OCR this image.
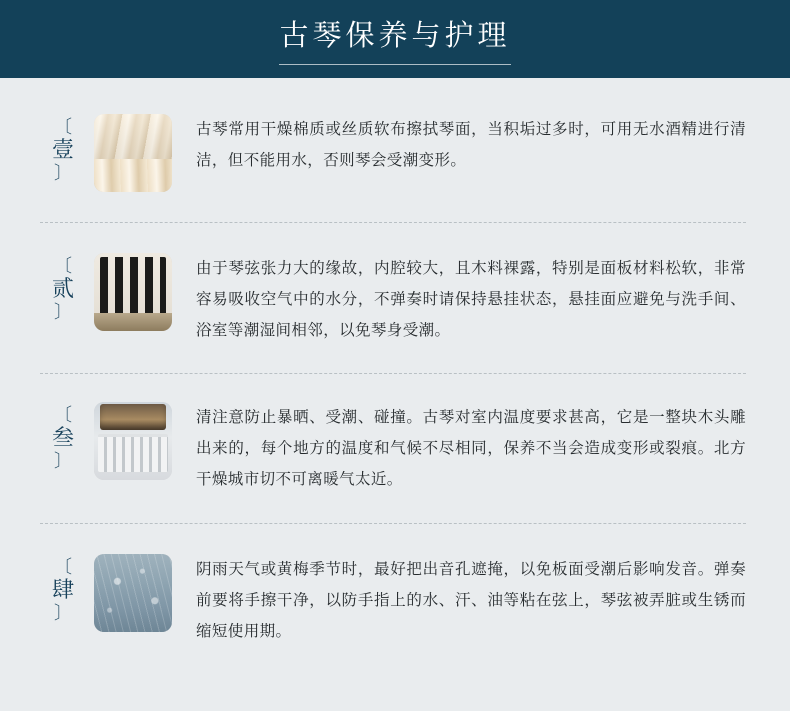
古琴保养与护理
〔
壹
〕
古琴常用干燥棉质或丝质软布擦拭琴面，当积垢过多时，可用无水酒精进行清洁，但不能用水，否则琴会受潮变形。
〔
贰
〕
由于琴弦张力大的缘故，内腔较大，且木料裸露，特别是面板材料松软，非常容易吸收空气中的水分，不弹奏时请保持悬挂状态，悬挂面应避免与洗手间、浴室等潮湿间相邻，以免琴身受潮。
〔
叁
〕
清注意防止暴晒、受潮、碰撞。古琴对室内温度要求甚高，它是一整块木头雕出来的，每个地方的温度和气候不尽相同，保养不当会造成变形或裂痕。北方干燥城市切不可离暖气太近。
〔
肆
〕
阴雨天气或黄梅季节时，最好把出音孔遮掩，以免板面受潮后影响发音。弹奏前要将手擦干净，以防手指上的水、汗、油等粘在弦上，琴弦被弄脏或生锈而缩短使用期。
